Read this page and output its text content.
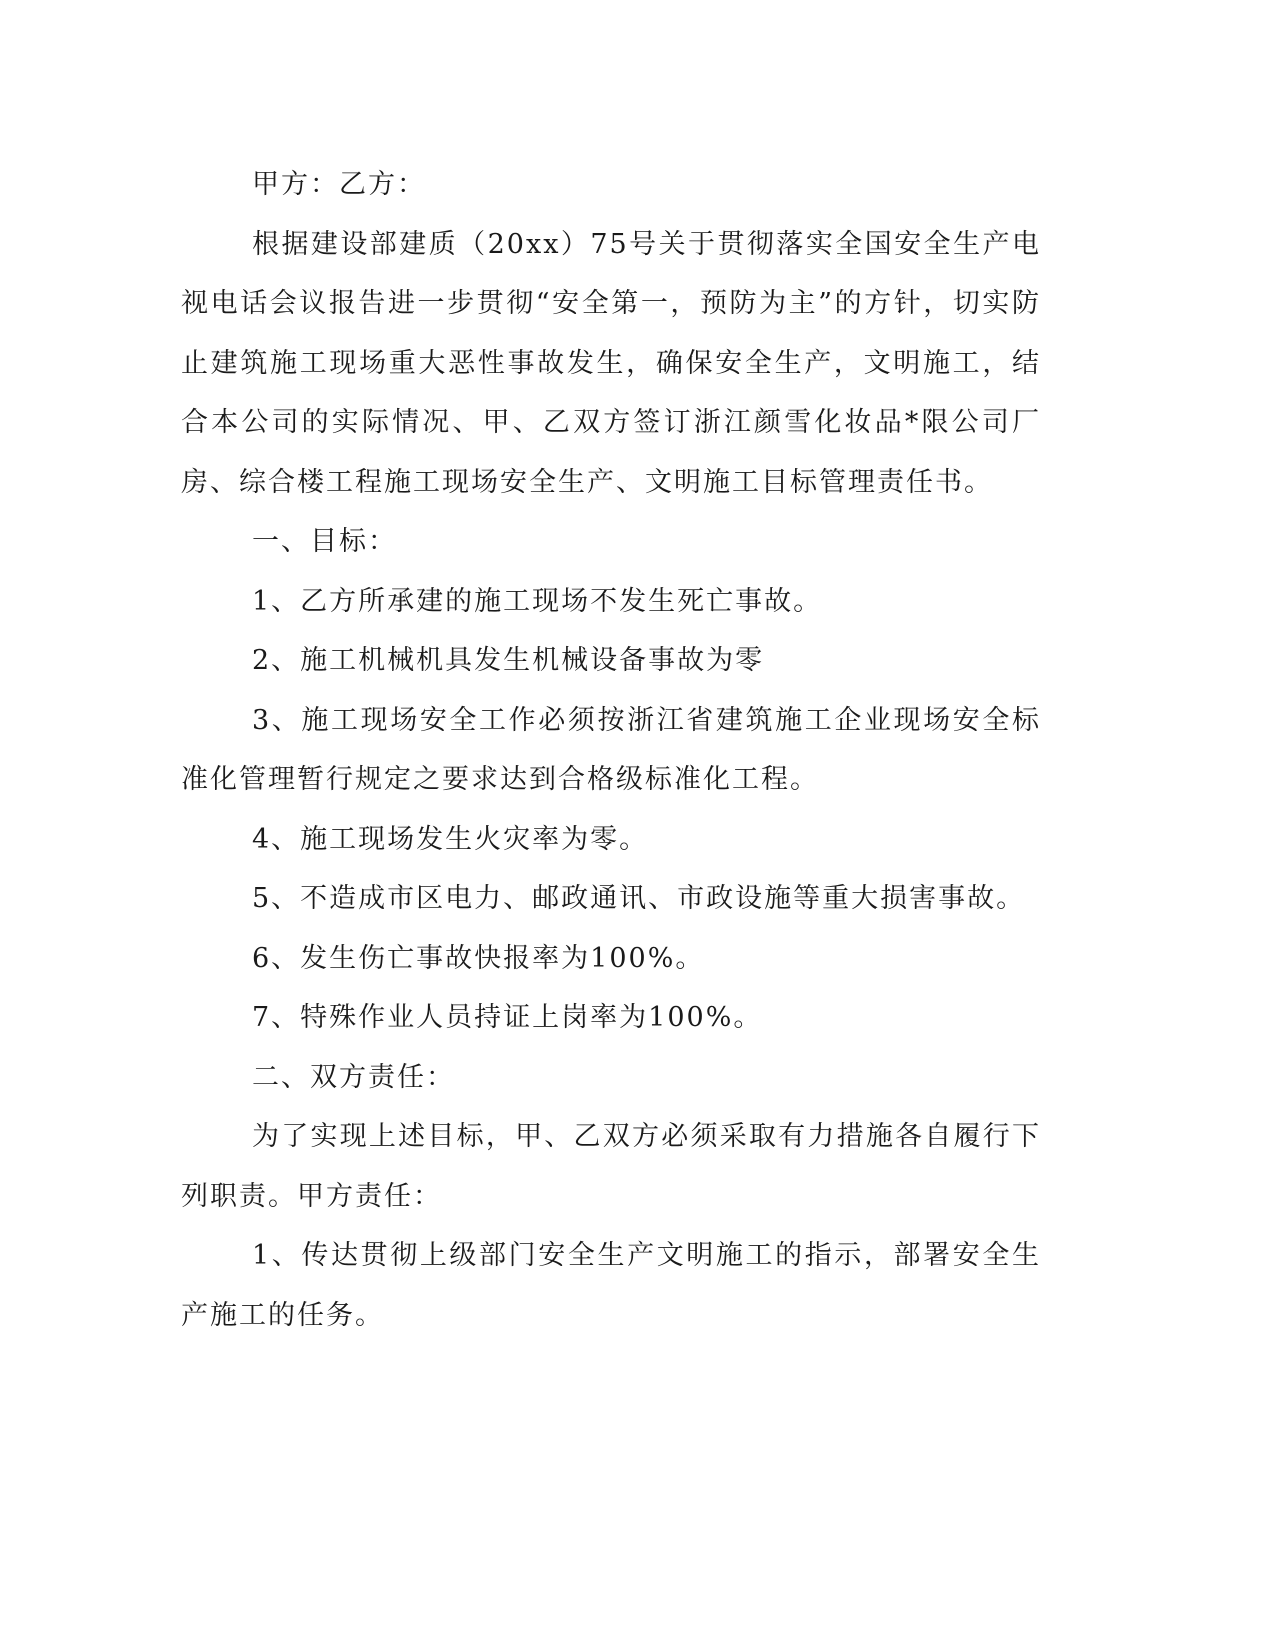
甲方：乙方：

根据建设部建质（20xx）75号关于贯彻落实全国安全生产电视电话会议报告进一步贯彻“安全第一，预防为主”的方针，切实防止建筑施工现场重大恶性事故发生，确保安全生产，文明施工，结合本公司的实际情况、甲、乙双方签订浙江颜雪化妆品*限公司厂房、综合楼工程施工现场安全生产、文明施工目标管理责任书。

一、目标：

1、乙方所承建的施工现场不发生死亡事故。

2、施工机械机具发生机械设备事故为零

3、施工现场安全工作必须按浙江省建筑施工企业现场安全标准化管理暂行规定之要求达到合格级标准化工程。

4、施工现场发生火灾率为零。

5、不造成市区电力、邮政通讯、市政设施等重大损害事故。

6、发生伤亡事故快报率为100%。

7、特殊作业人员持证上岗率为100%。

二、双方责任：

为了实现上述目标，甲、乙双方必须采取有力措施各自履行下列职责。甲方责任：

1、传达贯彻上级部门安全生产文明施工的指示，部署安全生产施工的任务。
